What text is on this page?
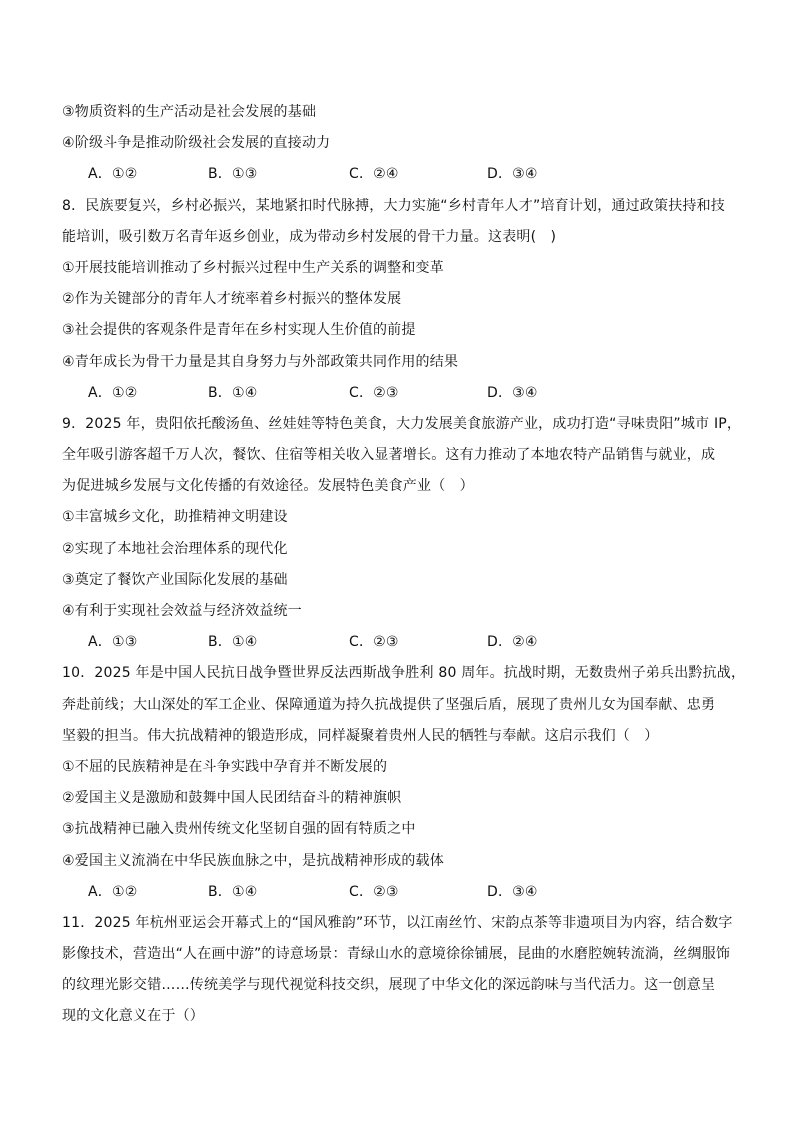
③物质资料的生产活动是社会发展的基础
④阶级斗争是推动阶级社会发展的直接动力
A．①②	B．①③	C．②④	D．③④
8．民族要复兴，乡村必振兴，某地紧扣时代脉搏，大力实施“乡村青年人才”培育计划，通过政策扶持和技
能培训，吸引数万名青年返乡创业，成为带动乡村发展的骨干力量。这表明(　)
①开展技能培训推动了乡村振兴过程中生产关系的调整和变革
②作为关键部分的青年人才统率着乡村振兴的整体发展
③社会提供的客观条件是青年在乡村实现人生价值的前提
④青年成长为骨干力量是其自身努力与外部政策共同作用的结果
A．①②	B．①④	C．②③	D．③④
9．2025 年，贵阳依托酸汤鱼、丝娃娃等特色美食，大力发展美食旅游产业，成功打造“寻味贵阳”城市 IP，
全年吸引游客超千万人次，餐饮、住宿等相关收入显著增长。这有力推动了本地农特产品销售与就业，成
为促进城乡发展与文化传播的有效途径。发展特色美食产业（　）
①丰富城乡文化，助推精神文明建设
②实现了本地社会治理体系的现代化
③奠定了餐饮产业国际化发展的基础
④有利于实现社会效益与经济效益统一
A．①③	B．①④	C．②③	D．②④
10．2025 年是中国人民抗日战争暨世界反法西斯战争胜利 80 周年。抗战时期，无数贵州子弟兵出黔抗战，
奔赴前线；大山深处的军工企业、保障通道为持久抗战提供了坚强后盾，展现了贵州儿女为国奉献、忠勇
坚毅的担当。伟大抗战精神的锻造形成，同样凝聚着贵州人民的牺牲与奉献。这启示我们（　）
①不屈的民族精神是在斗争实践中孕育并不断发展的
②爱国主义是激励和鼓舞中国人民团结奋斗的精神旗帜
③抗战精神已融入贵州传统文化坚韧自强的固有特质之中
④爱国主义流淌在中华民族血脉之中，是抗战精神形成的载体
A．①②	B．①④	C．②③	D．③④
11．2025 年杭州亚运会开幕式上的“国风雅韵”环节，以江南丝竹、宋韵点茶等非遗项目为内容，结合数字
影像技术，营造出“人在画中游”的诗意场景：青绿山水的意境徐徐铺展，昆曲的水磨腔婉转流淌，丝绸服饰
的纹理光影交错……传统美学与现代视觉科技交织，展现了中华文化的深远韵味与当代活力。这一创意呈
现的文化意义在于（）
